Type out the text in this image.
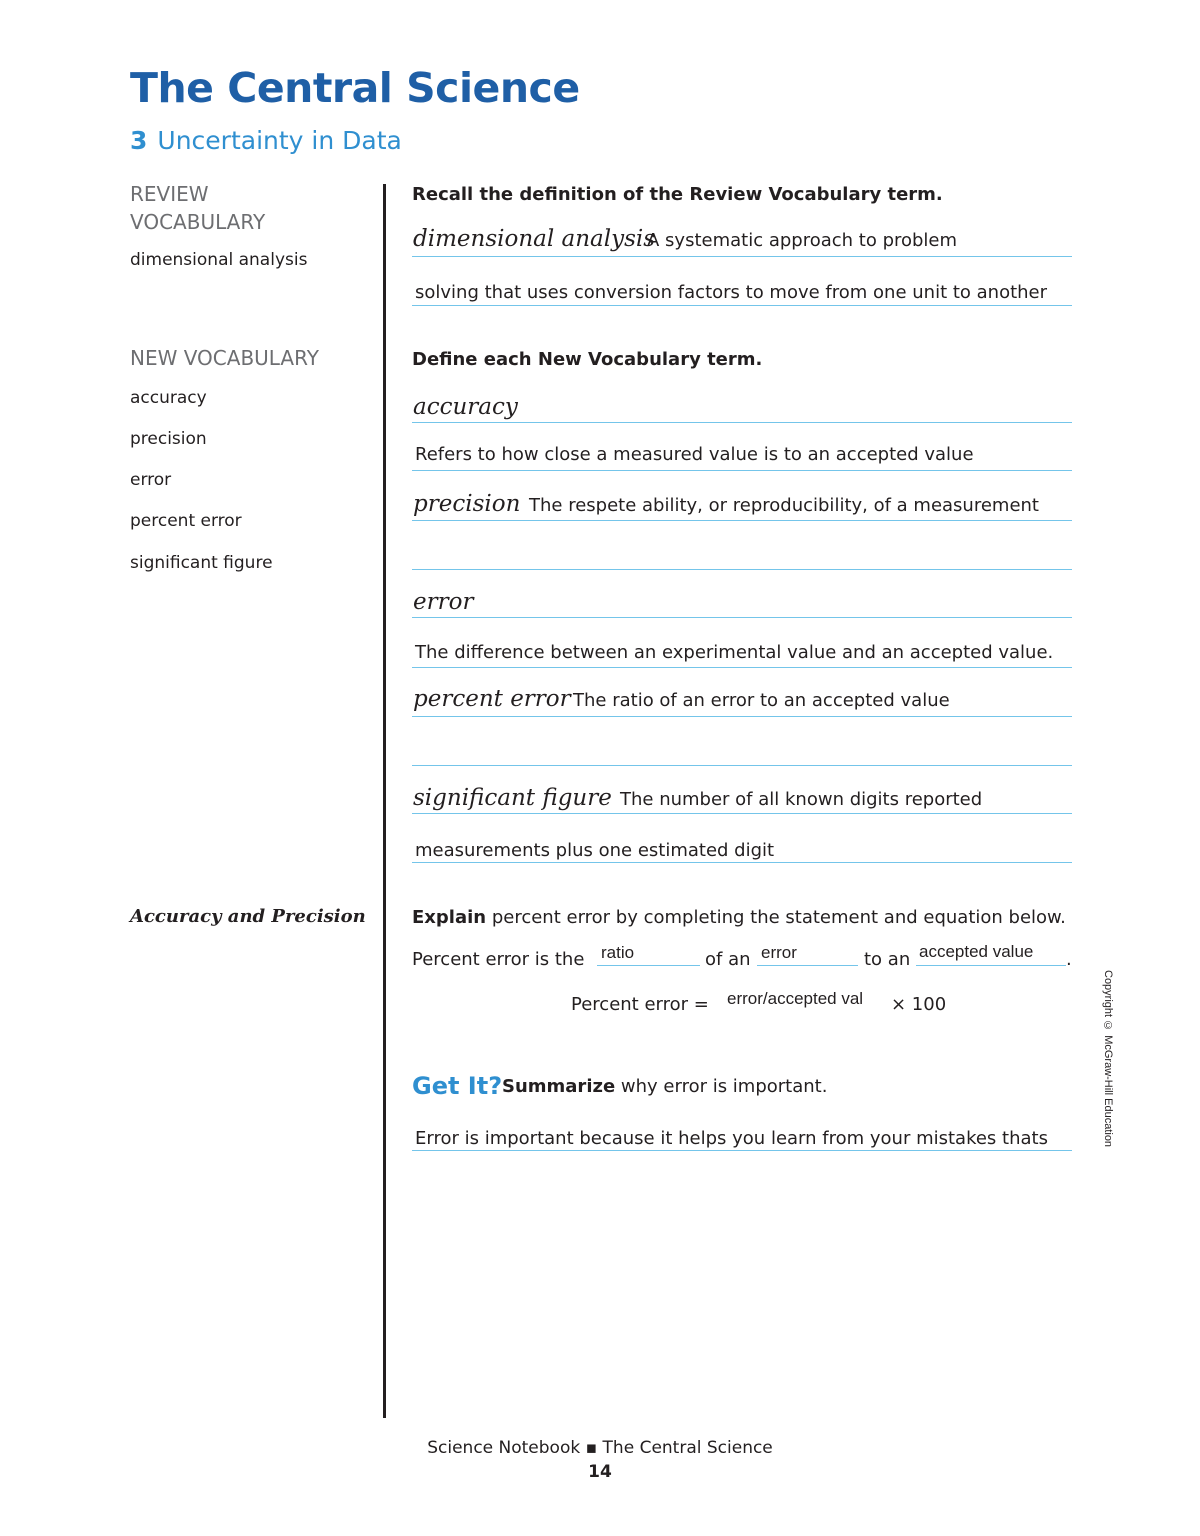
The Central Science
3 Uncertainty in Data
REVIEW
VOCABULARY
dimensional analysis
NEW VOCABULARY
accuracy
precision
error
percent error
significant figure
Accuracy and Precision
Recall the definition of the Review Vocabulary term.
dimensional analysis
A systematic approach to problem
solving that uses conversion factors to move from one unit to another
Define each New Vocabulary term.
accuracy
Refers to how close a measured value is to an accepted value
precision The respete ability, or reproducibility, of a measurement
error
The difference between an experimental value and an accepted value.
percent error The ratio of an error to an accepted value
significant figure The number of all known digits reported
measurements plus one estimated digit
Explain percent error by completing the statement and equation below.
Percent error is the ratio	of an error	to an accepted value .
Percent error = error/accepted val × 100
Get It? Summarize why error is important.
Error is important because it helps you learn from your mistakes thats	Copyright © McGraw-Hill Education
Science Notebook ▪ The Central Science
14
